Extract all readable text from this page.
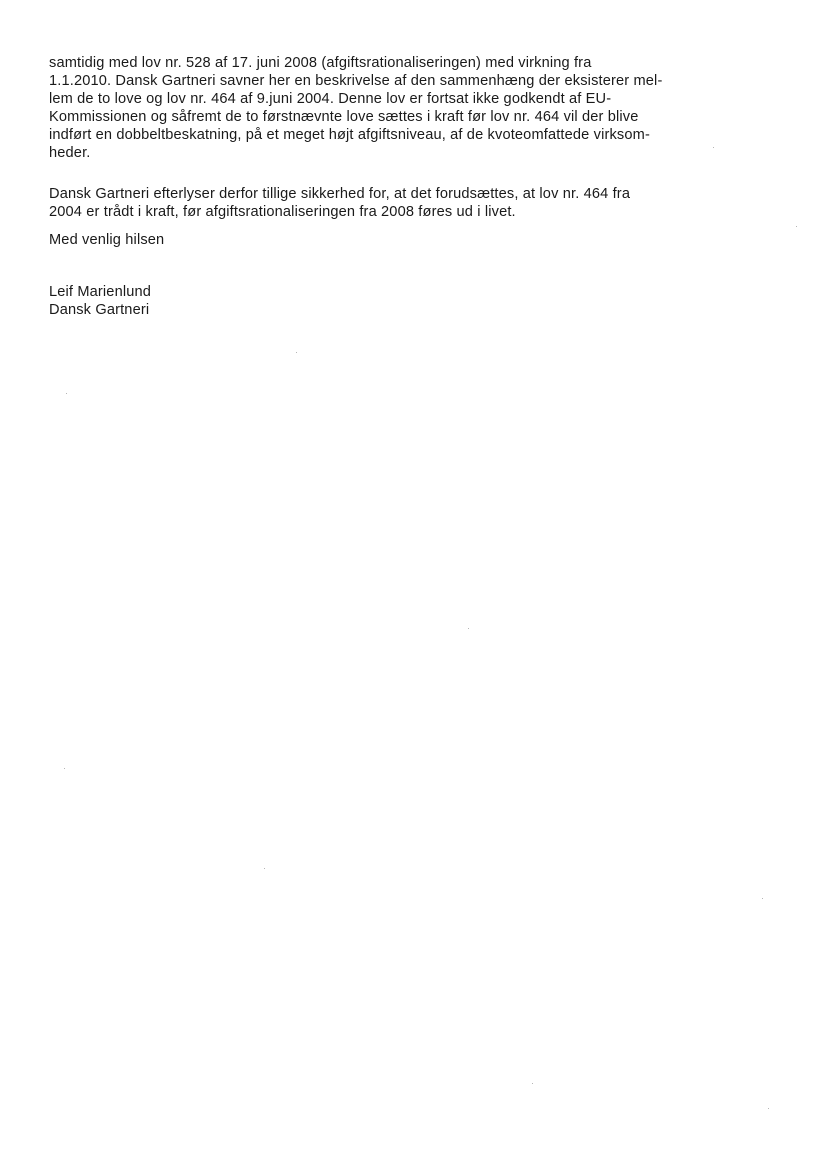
samtidig med lov nr. 528 af 17. juni 2008 (afgiftsrationaliseringen) med virkning fra
1.1.2010. Dansk Gartneri savner her en beskrivelse af den sammenhæng der eksisterer mel-
lem de to love og lov nr. 464 af 9.juni 2004. Denne lov er fortsat ikke godkendt af EU-
Kommissionen og såfremt de to førstnævnte love sættes i kraft før lov nr. 464 vil der blive
indført en dobbeltbeskatning, på et meget højt afgiftsniveau, af de kvoteomfattede virksom-
heder.
Dansk Gartneri efterlyser derfor tillige sikkerhed for, at det forudsættes, at lov nr. 464 fra
2004 er trådt i kraft, før afgiftsrationaliseringen fra 2008 føres ud i livet.
Med venlig hilsen
Leif Marienlund
Dansk Gartneri
